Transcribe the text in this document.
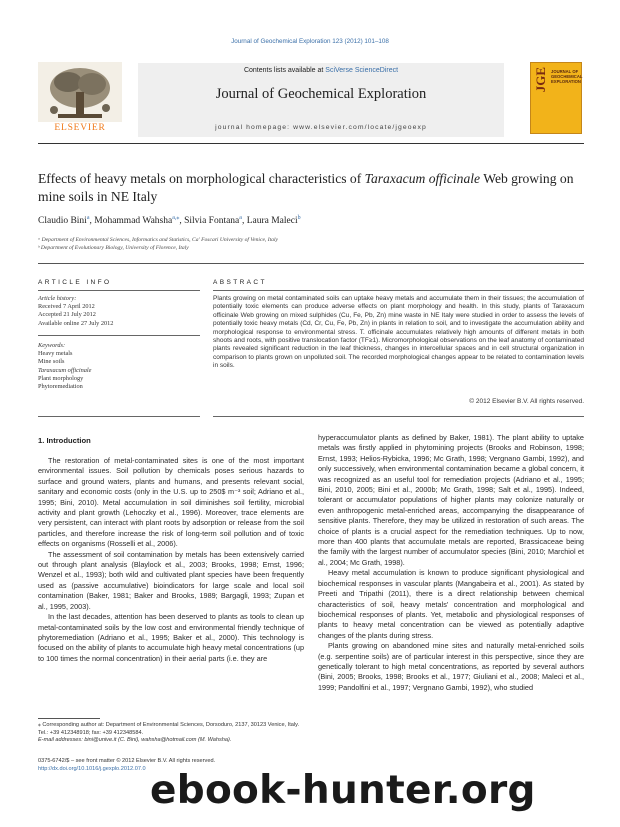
Journal of Geochemical Exploration 123 (2012) 101–108
Contents lists available at SciVerse ScienceDirect
Journal of Geochemical Exploration
journal homepage: www.elsevier.com/locate/jgeoexp
ELSEVIER
JGE JOURNAL OF GEOCHEMICAL EXPLORATION
Effects of heavy metals on morphological characteristics of Taraxacum officinale Web growing on mine soils in NE Italy
Claudio Bini$^a$, Mohammad Wahsha$^{a,⁎}$, Silvia Fontana$^a$, Laura Maleci$^b$
ᵃ Department of Environmental Sciences, Informatics and Statistics, Ca' Foscari University of Venice, Italy
ᵇ Department of Evolutionary Biology, University of Florence, Italy
ARTICLE INFO
Article history:
Received 7 April 2012
Accepted 21 July 2012
Available online 27 July 2012
Keywords:
Heavy metals
Mine soils
Taraxacum officinale
Plant morphology
Phytoremediation
ABSTRACT
Plants growing on metal contaminated soils can uptake heavy metals and accumulate them in their tissues; the accumulation of potentially toxic elements can produce adverse effects on plant morphology and health. In this study, plants of Taraxacum officinale Web growing on mixed sulphides (Cu, Fe, Pb, Zn) mine waste in NE Italy were studied in order to assess the levels of potentially toxic heavy metals (Cd, Cr, Cu, Fe, Pb, Zn) in plants in relation to soil, and to investigate the accumulation ability and morphological response to environmental stress. T. officinale accumulates relatively high amounts of different metals in both shoots and roots, with positive translocation factor (TF≥1). Micromorphological observations on the leaf anatomy of contaminated plants revealed significant reduction in the leaf thickness, changes in intercellular spaces and in cell structural organization in comparison to plants grown on unpolluted soil. The recorded morphological changes appear to be related to contamination levels in soils.
© 2012 Elsevier B.V. All rights reserved.
1. Introduction

The restoration of metal-contaminated sites is one of the most important environmental issues. Soil pollution by chemicals poses serious hazards to surface and ground waters, plants and humans, and presents relevant social, sanitary and economic costs (only in the U.S. up to 250$ m⁻³ soil; Adriano et al., 1995; Bini, 2010). Metal accumulation in soil diminishes soil fertility, microbial activity and plant growth (Lehoczky et al., 1996). Moreover, trace elements are very persistent, can interact with plant roots by adsorption or release from the soil particles, and therefore increase the risk of long-term soil pollution and of toxic effects on organisms (Rosselli et al., 2006).

The assessment of soil contamination by metals has been extensively carried out through plant analysis (Blaylock et al., 2003; Brooks, 1998; Ernst, 1996; Wenzel et al., 1993); both wild and cultivated plant species have been frequently used as (passive accumulative) bioindicators for large scale and local soil contamination (Baker, 1981; Baker and Brooks, 1989; Bargagli, 1993; Zupan et al., 1995, 2003).

In the last decades, attention has been deserved to plants as tools to clean up metal-contaminated soils by the low cost and environmental friendly technique of phytoremediation (Adriano et al., 1995; Baker et al., 2000). This technology is focused on the ability of plants to accumulate high heavy metal concentrations (up to 100 times the normal concentration) in their aerial parts (i.e. they are

hyperaccumulator plants as defined by Baker, 1981). The plant ability to uptake metals was firstly applied in phytomining projects (Brooks and Robinson, 1998; Ernst, 1993; Helios-Rybicka, 1996; Mc Grath, 1998; Vergnano Gambi, 1992), and only successively, when environmental contamination became a global concern, it was recognized as an useful tool for remediation projects (Adriano et al., 1995; Bini, 2010, 2005; Bini et al., 2000b; Mc Grath, 1998; Salt et al., 1995). Indeed, tolerant or accumulator populations of higher plants may colonize naturally or even anthropogenic metal-enriched areas, accompanying the disappearance of sensitive plants. Therefore, they may be utilized in restoration of such areas. The choice of plants is a crucial aspect for the remediation techniques. Up to now, more than 400 plants that accumulate metals are reported, Brassicaceae being the family with the largest number of accumulator species (Bini, 2010; Marchiol et al., 2004; Mc Grath, 1998).

Heavy metal accumulation is known to produce significant physiological and biochemical responses in vascular plants (Mangabeira et al., 2001). As stated by Preeti and Tripathi (2011), there is a direct relationship between chemical characteristics of soil, heavy metals' concentration and morphological and biochemical responses of plants. Yet, metabolic and physiological responses of plants to heavy metal concentration can be viewed as potentially adaptive changes of the plants during stress.

Plants growing on abandoned mine sites and naturally metal-enriched soils (e.g. serpentine soils) are of particular interest in this perspective, since they are genetically tolerant to high metal concentrations, as reported by several authors (Bini, 2005; Brooks, 1998; Brooks et al., 1977; Giuliani et al., 2008; Maleci et al., 1999; Pandolfini et al., 1997; Vergnano Gambi, 1992), who studied

⁎ Corresponding author at: Department of Environmental Sciences, Dorsoduro, 2137, 30123 Venice, Italy. Tel.: +39 412348918; fax: +39 412348584.
E-mail addresses: bini@unive.it (C. Bini), wahsha@hotmail.com (M. Wahsha).
0375-6742/$ – see front matter © 2012 Elsevier B.V. All rights reserved.
http://dx.doi.org/10.1016/j.gexplo.2012.07.0 ebook-hunter.org
